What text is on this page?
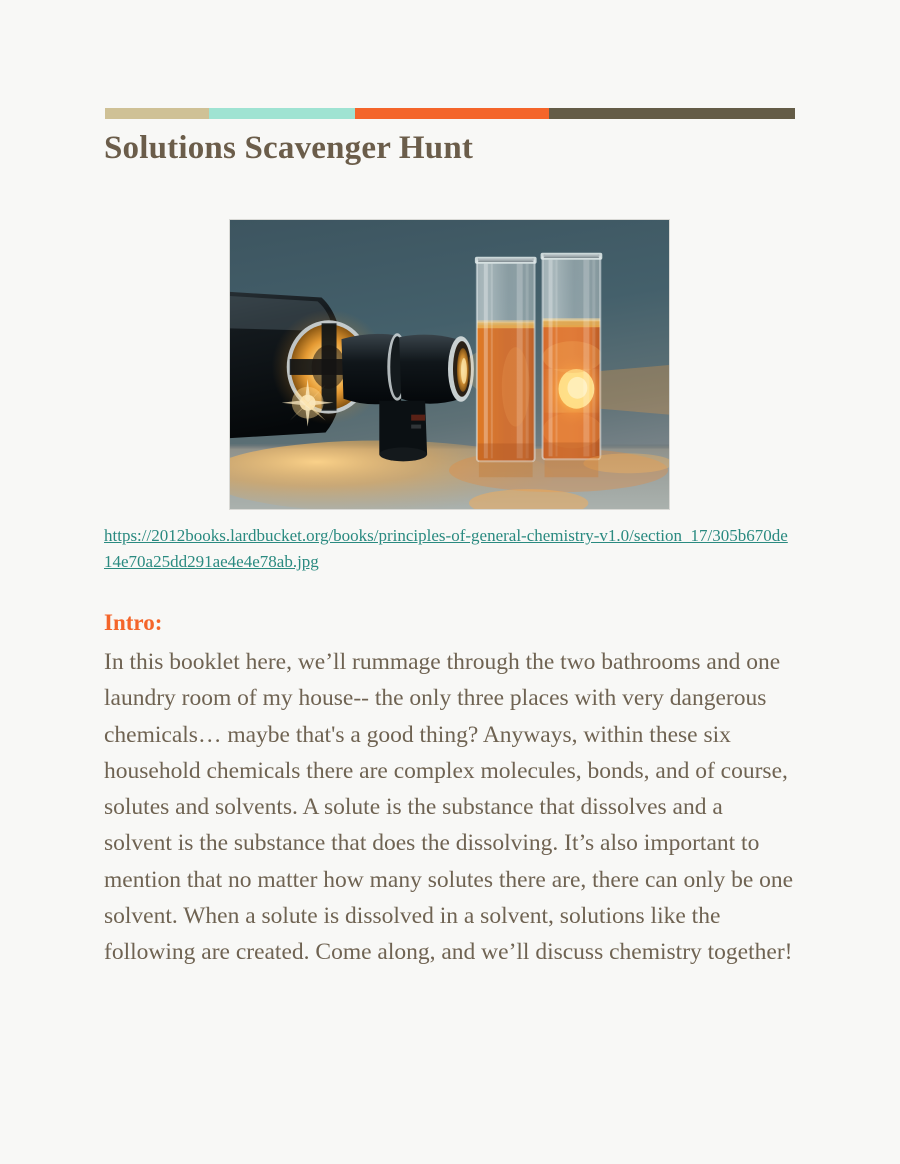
Solutions Scavenger Hunt

https://2012books.lardbucket.org/books/principles-of-general-chemistry-v1.0/section_17/305b670de14e70a25dd291ae4e4e78ab.jpg

Intro:

In this booklet here, we’ll rummage through the two bathrooms and one laundry room of my house-- the only three places with very dangerous chemicals… maybe that's a good thing? Anyways, within these six household chemicals there are complex molecules, bonds, and of course, solutes and solvents. A solute is the substance that dissolves and a solvent is the substance that does the dissolving. It’s also important to mention that no matter how many solutes there are, there can only be one solvent. When a solute is dissolved in a solvent, solutions like the following are created. Come along, and we’ll discuss chemistry together!
